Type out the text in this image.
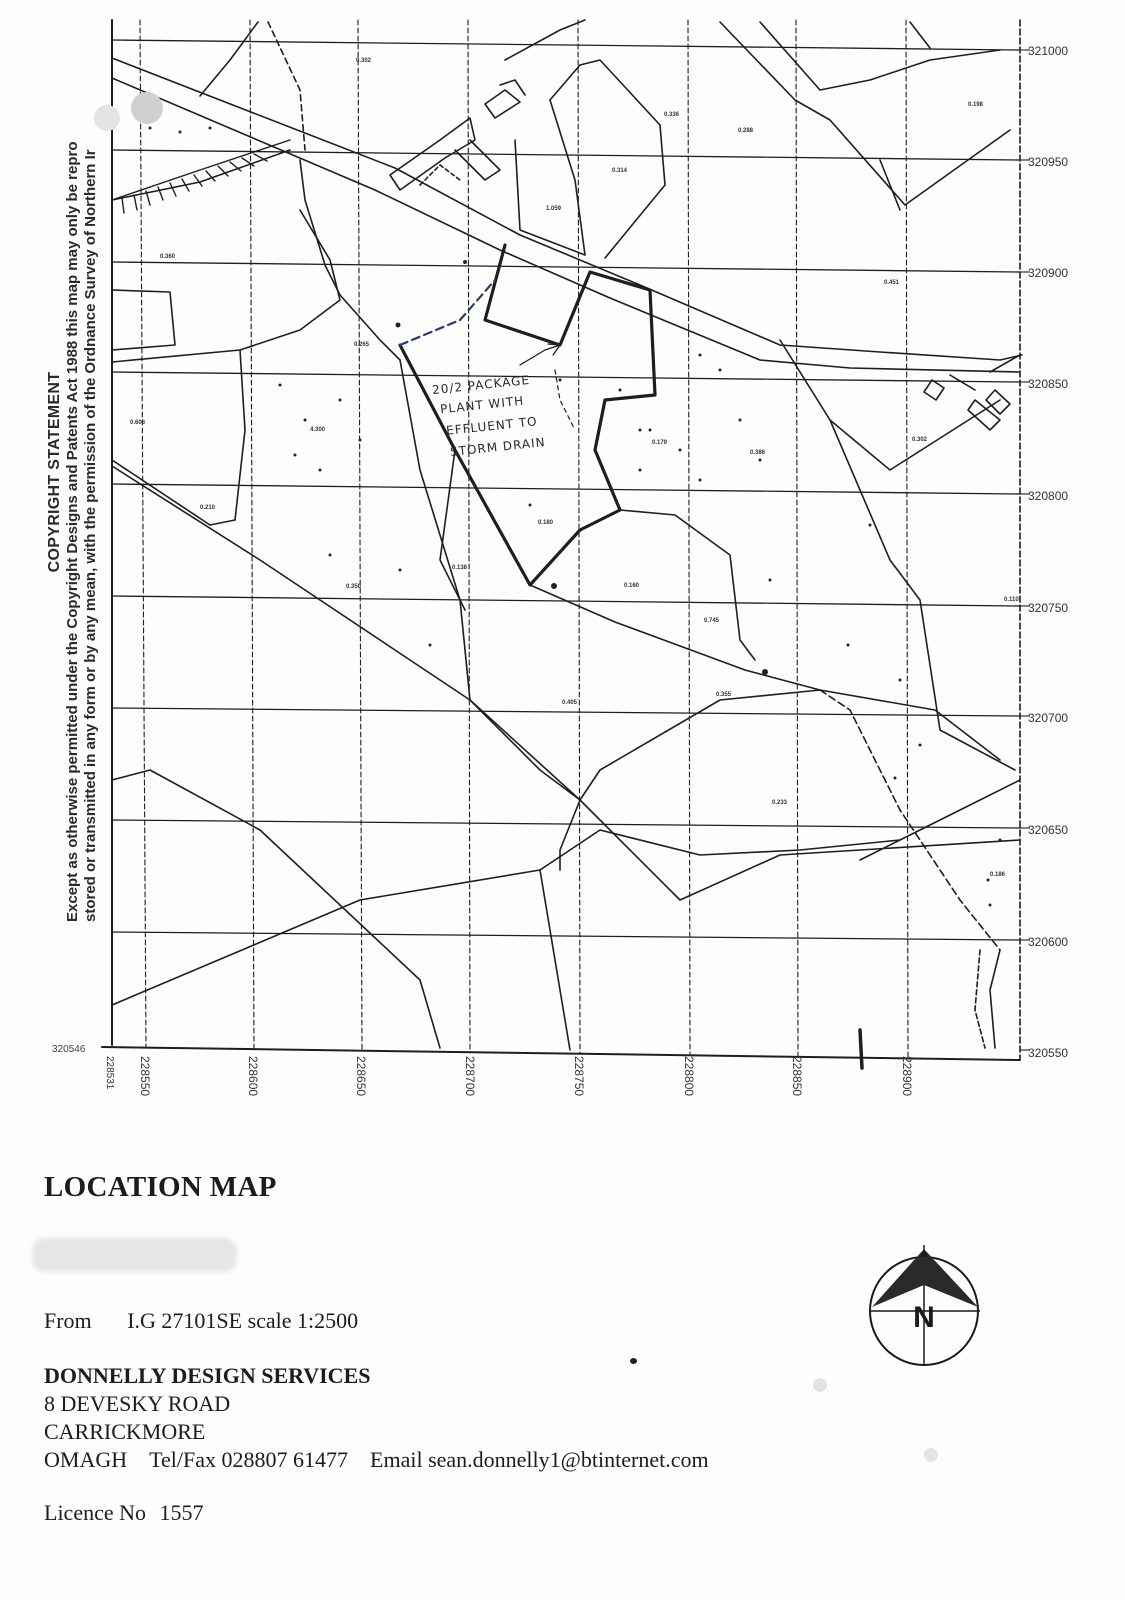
COPYRIGHT STATEMENT Except as otherwise permitted under the Copyright Designs and Patents Act 1988 this map may only be repro stored or transmitted in any form or by any mean, with the permission of the Ordnance Survey of Northern Ir
321000
320950
320900
320850
320800
320750
320700
320650
320600
320550
320546
228531 228550	228600	228650	228700	228750	228800	228850	228900
20/2 PACKAGE
PLANT WITH
EFFLUENT TO
STORM DRAIN
0.302
0.336
0.288
0.198
0.314
1.059
0.360
0.451
0.265
4.300
0.608
0.210
0.179
0.386
0.302
0.180
0.138
0.350	0.160
0.745
0.110
0.405
0.355
0.233
0.186
LOCATION MAP
From I.G 27101SE scale 1:2500
DONNELLY DESIGN SERVICES
8 DEVESKY ROAD
CARRICKMORE
OMAGH Tel/Fax 028807 61477 Email sean.donnelly1@btinternet.com
Licence No 1557
N
